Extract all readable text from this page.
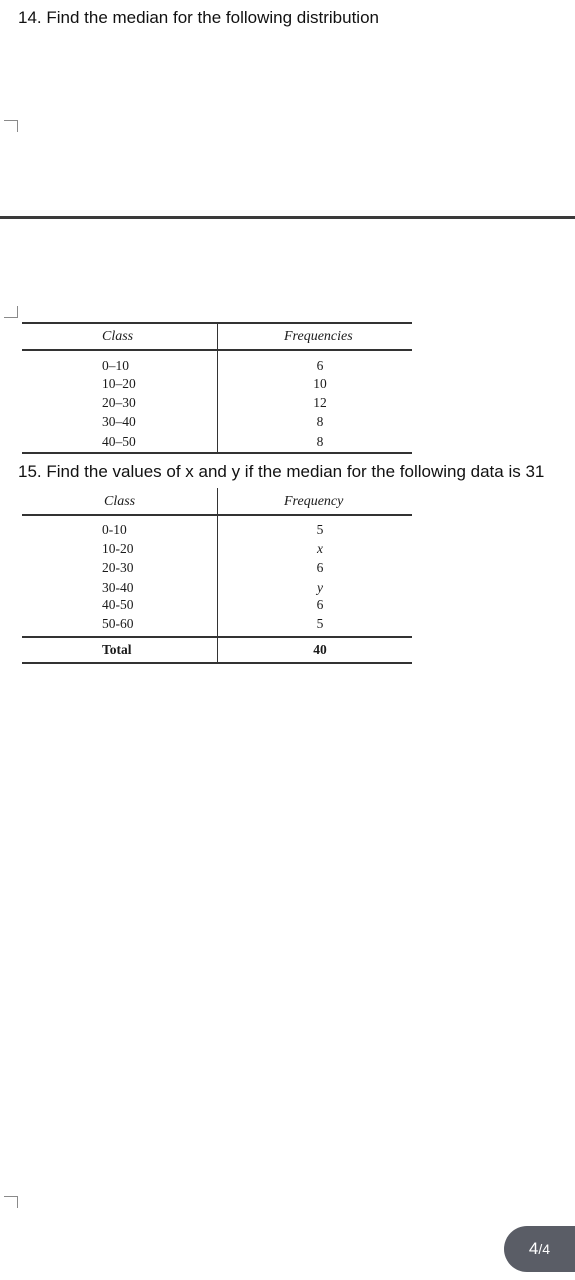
14. Find the median for the following distribution
Class	Frequencies
0–10	6
10–20	10
20–30	12
30–40	8
40–50	8
15. Find the values of x and y if the median for the following data is 31
Class	Frequency
0-10	5
10-20	x
20-30	6
30-40	y
40-50	6
50-60	5
Total	40
4/4
